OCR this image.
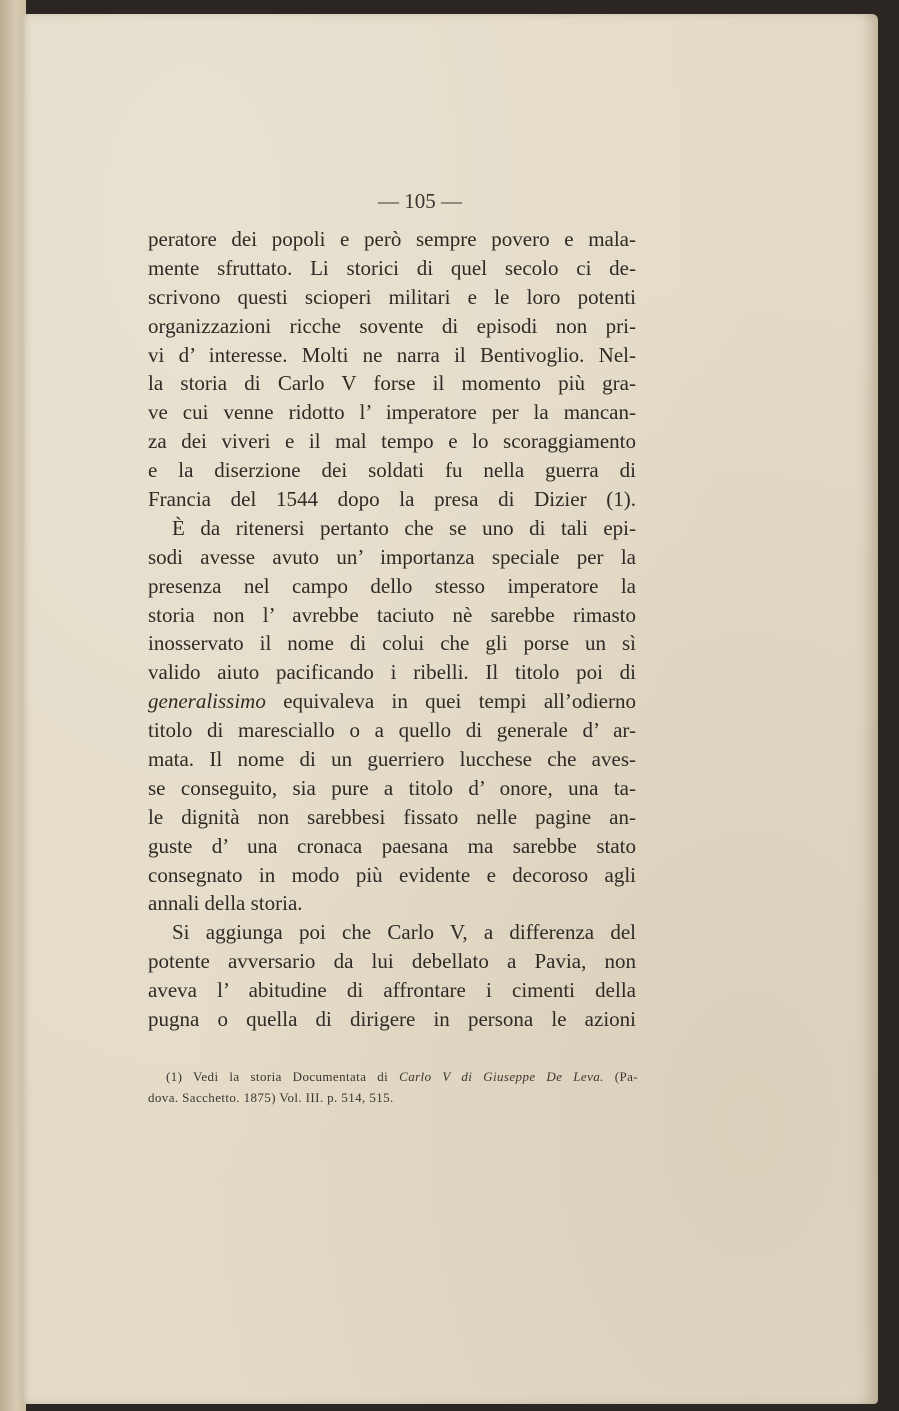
— 105 —
peratore dei popoli e però sempre povero e mala-
mente sfruttato. Li storici di quel secolo ci de-
scrivono questi scioperi militari e le loro potenti
organizzazioni ricche sovente di episodi non pri-
vi d’ interesse. Molti ne narra il Bentivoglio. Nel-
la storia di Carlo V forse il momento più gra-
ve cui venne ridotto l’ imperatore per la mancan-
za dei viveri e il mal tempo e lo scoraggiamento
e la diserzione dei soldati fu nella guerra di
Francia del 1544 dopo la presa di Dizier (1).
È da ritenersi pertanto che se uno di tali epi-
sodi avesse avuto un’ importanza speciale per la
presenza nel campo dello stesso imperatore la
storia non l’ avrebbe taciuto nè sarebbe rimasto
inosservato il nome di colui che gli porse un sì
valido aiuto pacificando i ribelli. Il titolo poi di
generalissimo equivaleva in quei tempi all’odierno
titolo di maresciallo o a quello di generale d’ ar-
mata. Il nome di un guerriero lucchese che aves-
se conseguito, sia pure a titolo d’ onore, una ta-
le dignità non sarebbesi fissato nelle pagine an-
guste d’ una cronaca paesana ma sarebbe stato
consegnato in modo più evidente e decoroso agli
annali della storia.
Si aggiunga poi che Carlo V, a differenza del
potente avversario da lui debellato a Pavia, non
aveva l’ abitudine di affrontare i cimenti della
pugna o quella di dirigere in persona le azioni
(1) Vedi la storia Documentata di Carlo V di Giuseppe De Leva. (Pa-
dova. Sacchetto. 1875) Vol. III. p. 514, 515.
